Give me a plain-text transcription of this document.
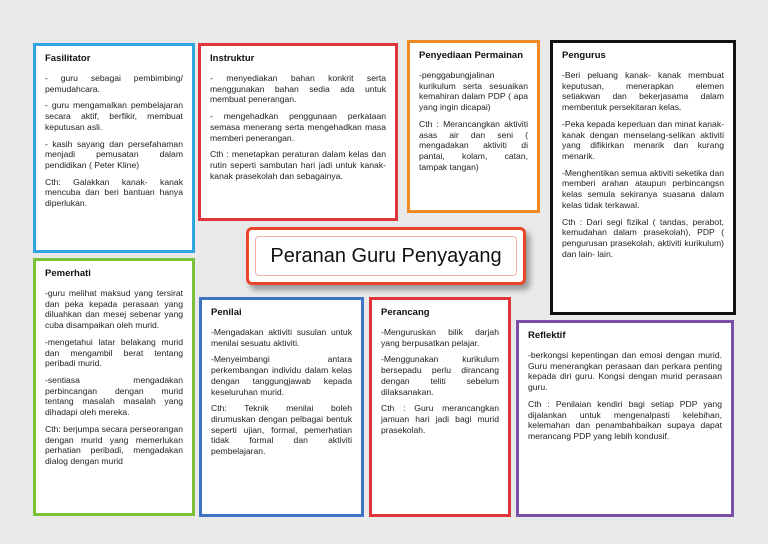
Fasilitator

- guru sebagai pembimbing/ pemudahcara.

- guru mengamalkan pembelajaran secara aktif, berfikir, membuat keputusan asli.

- kasih sayang dan persefahaman menjadi pemusatan dalam pendidikan ( Peter Kline)

Cth: Galakkan kanak- kanak mencuba dan beri bantuan hanya diperlukan.

Instruktur

- menyediakan bahan konkrit serta menggunakan bahan sedia ada untuk membuat penerangan.

- mengehadkan penggunaan perkataan semasa menerang serta mengehadkan masa memberi penerangan.

Cth : menetapkan peraturan dalam kelas dan rutin seperti sambutan hari jadi untuk kanak- kanak prasekolah dan sebagainya.

Penyediaan Permainan

-penggabungjalinan kurikulum serta sesuaikan kemahiran dalam PDP ( apa yang ingin dicapai)

Cth : Merancangkan aktiviti asas air dan seni ( mengadakan aktiviti di pantai, kolam, catan, tampak tangan)

Pengurus

-Beri peluang kanak- kanak membuat keputusan, menerapkan elemen setiakwan dan bekerjasama dalam membentuk persekitaran kelas.

-Peka kepada keperluan dan minat kanak- kanak dengan menselang-selikan aktiviti yang difikirkan menarik dan kurang menarik.

-Menghentikan semua aktiviti seketika dan memberi arahan ataupun perbincangsn kelas semula sekiranya suasana dalam kelas tidak terkawal.

Cth : Dari segi fizikal ( tandas, perabot, kemudahan dalam prasekolah), PDP ( pengurusan prasekolah, aktiviti kurikulum) dan lain- lain.

Peranan Guru Penyayang
Pemerhati

-guru melihat maksud yang tersirat dan peka kepada perasaan yang diluahkan dan mesej sebenar yang cuba disampaikan oleh murid.

-mengetahui latar belakang murid dan mengambil berat tentang peribadi murid.

-sentiasa mengadakan perbincangan dengan murid tentang masalah masalah yang dihadapi oleh mereka.

Cth: berjumpa secara perseorangan dengan murid yang memerlukan perhatian peribadi, mengadakan dialog dengan murid

Penilai

-Mengadakan aktiviti susulan untuk menilai sesuatu aktiviti.

-Menyeimbangi antara perkembangan individu dalam kelas dengan tanggungjawab kepada keseluruhan murid.

Cth: Teknik menilai boleh dirumuskan dengan pelbagai bentuk seperti ujian, formal, pemerhatian tidak formal dan aktiviti pembelajaran.

Perancang

-Menguruskan bilik darjah yang berpusatkan pelajar.

-Menggunakan kurikulum bersepadu perlu dirancang dengan teliti sebelum dilaksanakan.

Cth : Guru merancangkan jamuan hari jadi bagi murid prasekolah.

Reflektif

-berkongsi kepentingan dan emosi dengan murid. Guru menerangkan perasaan dan perkara penting kepada diri guru. Kongsi dengan murid perasaan guru.

Cth : Penilaian kendiri bagi setiap PDP yang dijalankan untuk mengenalpasti kelebihan, kelemahan dan penambahbaikan supaya dapat merancang PDP yang lebih kondusif.
